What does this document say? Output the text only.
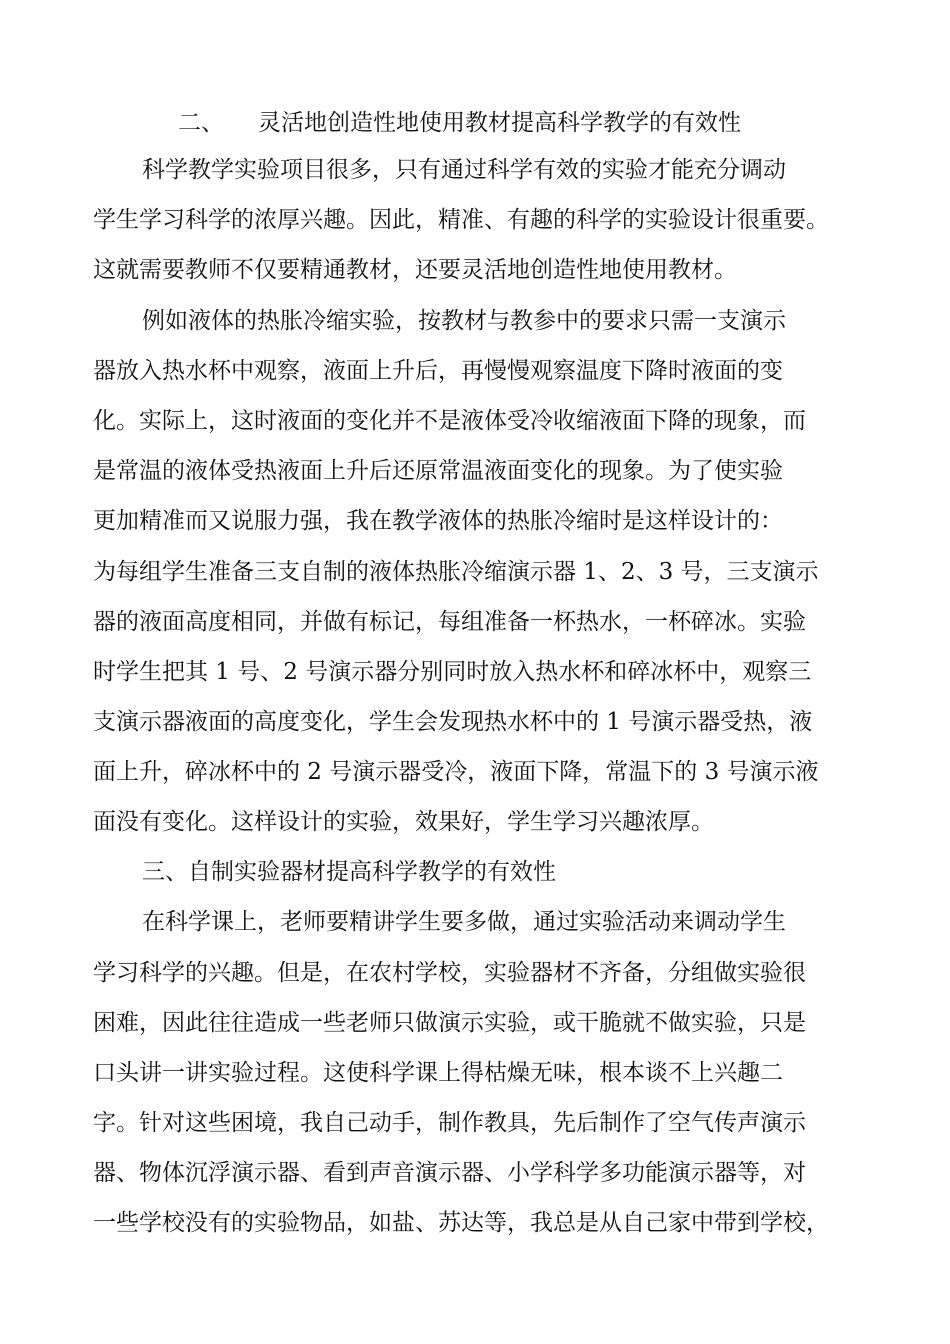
二、 灵活地创造性地使用教材提高科学教学的有效性

科学教学实验项目很多，只有通过科学有效的实验才能充分调动

学生学习科学的浓厚兴趣。因此，精准、有趣的科学的实验设计很重要。

这就需要教师不仅要精通教材，还要灵活地创造性地使用教材。

例如液体的热胀冷缩实验，按教材与教参中的要求只需一支演示

器放入热水杯中观察，液面上升后，再慢慢观察温度下降时液面的变

化。实际上，这时液面的变化并不是液体受冷收缩液面下降的现象，而

是常温的液体受热液面上升后还原常温液面变化的现象。为了使实验

更加精准而又说服力强，我在教学液体的热胀冷缩时是这样设计的：

为每组学生准备三支自制的液体热胀冷缩演示器 1、2、3 号，三支演示

器的液面高度相同，并做有标记，每组准备一杯热水，一杯碎冰。实验

时学生把其 1 号、2 号演示器分别同时放入热水杯和碎冰杯中，观察三

支演示器液面的高度变化，学生会发现热水杯中的 1 号演示器受热，液

面上升，碎冰杯中的 2 号演示器受冷，液面下降，常温下的 3 号演示液

面没有变化。这样设计的实验，效果好，学生学习兴趣浓厚。

三、自制实验器材提高科学教学的有效性

在科学课上，老师要精讲学生要多做，通过实验活动来调动学生

学习科学的兴趣。但是，在农村学校，实验器材不齐备，分组做实验很

困难，因此往往造成一些老师只做演示实验，或干脆就不做实验，只是

口头讲一讲实验过程。这使科学课上得枯燥无味，根本谈不上兴趣二

字。针对这些困境，我自己动手，制作教具，先后制作了空气传声演示

器、物体沉浮演示器、看到声音演示器、小学科学多功能演示器等，对

一些学校没有的实验物品，如盐、苏达等，我总是从自己家中带到学校，
